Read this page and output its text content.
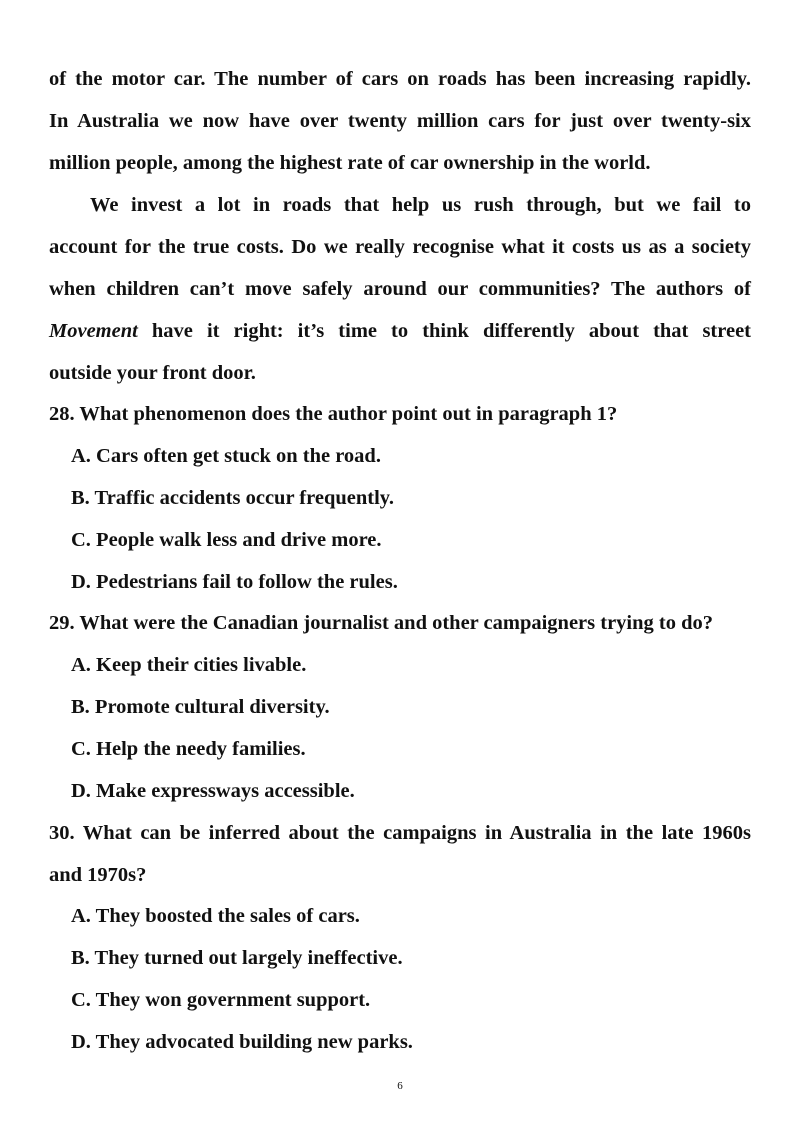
of the motor car. The number of cars on roads has been increasing rapidly.
In Australia we now have over twenty million cars for just over twenty-six
million people, among the highest rate of car ownership in the world.
We invest a lot in roads that help us rush through, but we fail to
account for the true costs. Do we really recognise what it costs us as a society
when children can’t move safely around our communities? The authors of
Movement have it right: it’s time to think differently about that street
outside your front door.
28. What phenomenon does the author point out in paragraph 1?
A. Cars often get stuck on the road.
B. Traffic accidents occur frequently.
C. People walk less and drive more.
D. Pedestrians fail to follow the rules.
29. What were the Canadian journalist and other campaigners trying to do?
A. Keep their cities livable.
B. Promote cultural diversity.
C. Help the needy families.
D. Make expressways accessible.
30. What can be inferred about the campaigns in Australia in the late 1960s
and 1970s?
A. They boosted the sales of cars.
B. They turned out largely ineffective.
C. They won government support.
D. They advocated building new parks.
6
